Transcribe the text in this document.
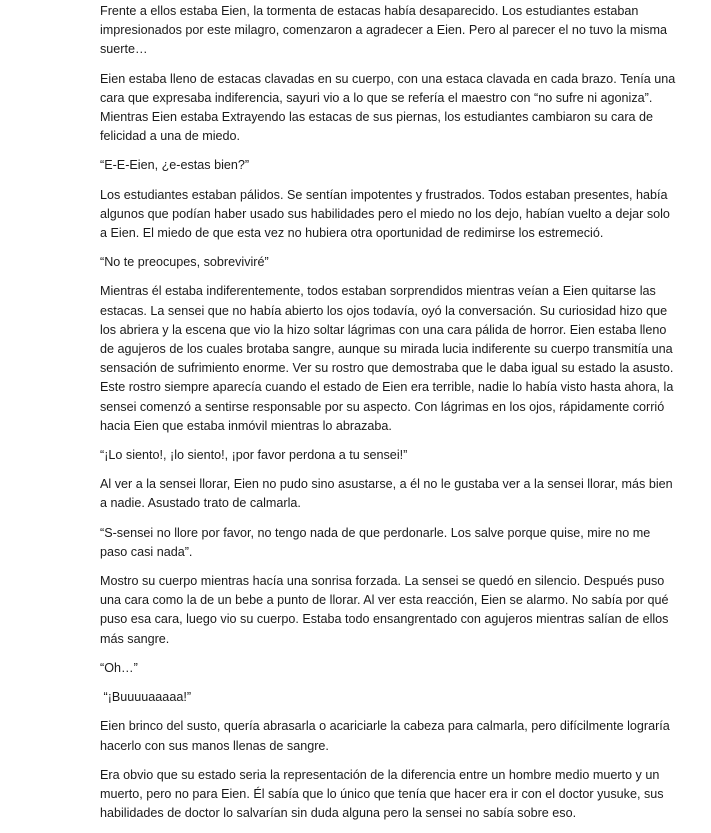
Frente a ellos estaba Eien, la tormenta de estacas había desaparecido. Los estudiantes estaban impresionados por este milagro, comenzaron a agradecer a Eien. Pero al parecer el no tuvo la misma suerte…

Eien estaba lleno de estacas clavadas en su cuerpo, con una estaca clavada en cada brazo. Tenía una cara que expresaba indiferencia, sayuri vio a lo que se refería el maestro con “no sufre ni agoniza”. Mientras Eien estaba Extrayendo las estacas de sus piernas, los estudiantes cambiaron su cara de felicidad a una de miedo.

“E-E-Eien, ¿e-estas bien?”

Los estudiantes estaban pálidos. Se sentían impotentes y frustrados. Todos estaban presentes, había algunos que podían haber usado sus habilidades pero el miedo no los dejo, habían vuelto a dejar solo a Eien. El miedo de que esta vez no hubiera otra oportunidad de redimirse los estremeció.

“No te preocupes, sobreviviré”

Mientras él estaba indiferentemente, todos estaban sorprendidos mientras veían a Eien quitarse las estacas. La sensei que no había abierto los ojos todavía, oyó la conversación. Su curiosidad hizo que los abriera y la escena que vio la hizo soltar lágrimas con una cara pálida de horror. Eien estaba lleno de agujeros de los cuales brotaba sangre, aunque su mirada lucia indiferente su cuerpo transmitía una sensación de sufrimiento enorme. Ver su rostro que demostraba que le daba igual su estado la asusto. Este rostro siempre aparecía cuando el estado de Eien era terrible, nadie lo había visto hasta ahora, la sensei comenzó a sentirse responsable por su aspecto. Con lágrimas en los ojos, rápidamente corrió hacia Eien que estaba inmóvil mientras lo abrazaba.

“¡Lo siento!, ¡lo siento!, ¡por favor perdona a tu sensei!”

Al ver a la sensei llorar, Eien no pudo sino asustarse, a él no le gustaba ver a la sensei llorar, más bien a nadie. Asustado trato de calmarla.

“S-sensei no llore por favor, no tengo nada de que perdonarle. Los salve porque quise, mire no me paso casi nada”.

Mostro su cuerpo mientras hacía una sonrisa forzada. La sensei se quedó en silencio. Después puso una cara como la de un bebe a punto de llorar. Al ver esta reacción, Eien se alarmo. No sabía por qué puso esa cara, luego vio su cuerpo. Estaba todo ensangrentado con agujeros mientras salían de ellos más sangre.

“Oh…”

“¡Buuuuaaaaa!”

Eien brinco del susto, quería abrasarla o acariciarle la cabeza para calmarla, pero difícilmente lograría hacerlo con sus manos llenas de sangre.

Era obvio que su estado seria la representación de la diferencia entre un hombre medio muerto y un muerto, pero no para Eien. Él sabía que lo único que tenía que hacer era ir con el doctor yusuke, sus habilidades de doctor lo salvarían sin duda alguna pero la sensei no sabía sobre eso.
